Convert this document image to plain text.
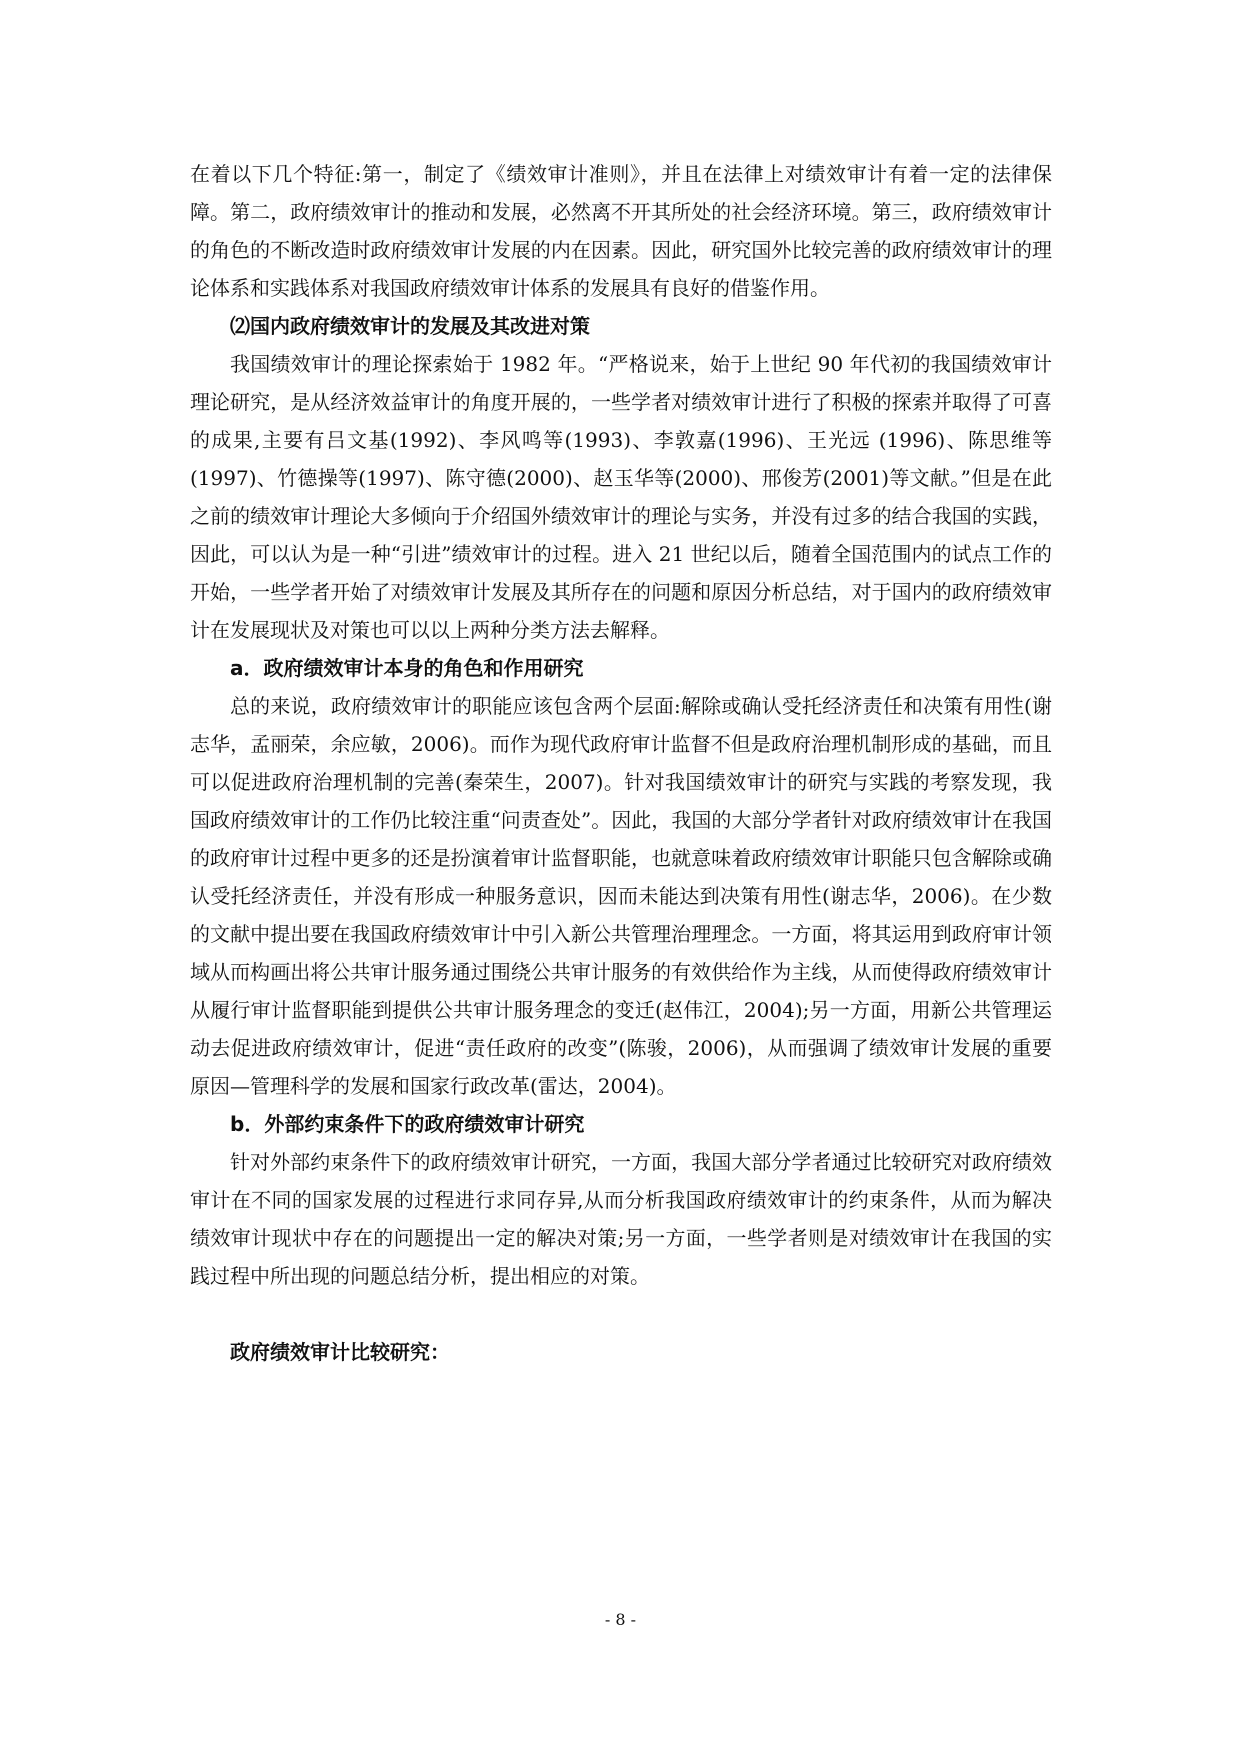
在着以下几个特征:第一，制定了《绩效审计准则》，并且在法律上对绩效审计有着一定的法律保障。第二，政府绩效审计的推动和发展，必然离不开其所处的社会经济环境。第三，政府绩效审计的角色的不断改造时政府绩效审计发展的内在因素。因此，研究国外比较完善的政府绩效审计的理论体系和实践体系对我国政府绩效审计体系的发展具有良好的借鉴作用。

⑵国内政府绩效审计的发展及其改进对策

我国绩效审计的理论探索始于 1982 年。“严格说来，始于上世纪 90 年代初的我国绩效审计理论研究，是从经济效益审计的角度开展的，一些学者对绩效审计进行了积极的探索并取得了可喜的成果,主要有吕文基(1992)、李风鸣等(1993)、李敦嘉(1996)、王光远 (1996)、陈思维等(1997)、竹德操等(1997)、陈守德(2000)、赵玉华等(2000)、邢俊芳(2001)等文献。”但是在此之前的绩效审计理论大多倾向于介绍国外绩效审计的理论与实务，并没有过多的结合我国的实践，因此，可以认为是一种“引进”绩效审计的过程。进入 21 世纪以后，随着全国范围内的试点工作的开始，一些学者开始了对绩效审计发展及其所存在的问题和原因分析总结，对于国内的政府绩效审计在发展现状及对策也可以以上两种分类方法去解释。

a．政府绩效审计本身的角色和作用研究

总的来说，政府绩效审计的职能应该包含两个层面:解除或确认受托经济责任和决策有用性(谢志华，孟丽荣，余应敏，2006)。而作为现代政府审计监督不但是政府治理机制形成的基础，而且可以促进政府治理机制的完善(秦荣生，2007)。针对我国绩效审计的研究与实践的考察发现，我国政府绩效审计的工作仍比较注重“问责查处”。因此，我国的大部分学者针对政府绩效审计在我国的政府审计过程中更多的还是扮演着审计监督职能，也就意味着政府绩效审计职能只包含解除或确认受托经济责任，并没有形成一种服务意识，因而未能达到决策有用性(谢志华，2006)。在少数的文献中提出要在我国政府绩效审计中引入新公共管理治理理念。一方面，将其运用到政府审计领域从而构画出将公共审计服务通过围绕公共审计服务的有效供给作为主线，从而使得政府绩效审计从履行审计监督职能到提供公共审计服务理念的变迁(赵伟江，2004);另一方面，用新公共管理运动去促进政府绩效审计，促进“责任政府的改变”(陈骏，2006)，从而强调了绩效审计发展的重要原因—管理科学的发展和国家行政改革(雷达，2004)。

b．外部约束条件下的政府绩效审计研究

针对外部约束条件下的政府绩效审计研究，一方面，我国大部分学者通过比较研究对政府绩效审计在不同的国家发展的过程进行求同存异,从而分析我国政府绩效审计的约束条件，从而为解决绩效审计现状中存在的问题提出一定的解决对策;另一方面，一些学者则是对绩效审计在我国的实践过程中所出现的问题总结分析，提出相应的对策。

政府绩效审计比较研究：

- 8 -
